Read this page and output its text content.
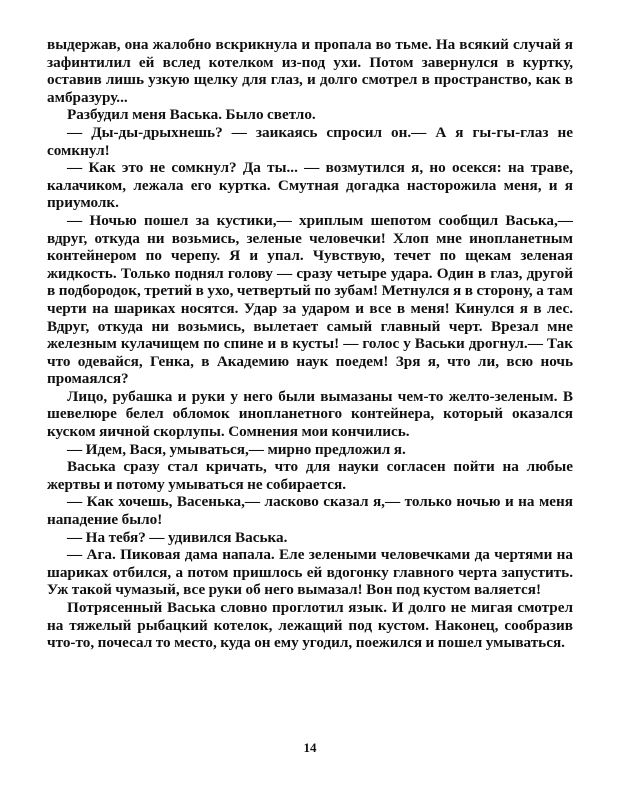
выдержав, она жалобно вскрикнула и пропала во тьме. На всякий случай я зафинтилил ей вслед котелком из-под ухи. Потом завернулся в куртку, оставив лишь узкую щелку для глаз, и долго смотрел в пространство, как в амбразуру...

Разбудил меня Васька. Было светло.

— Ды-ды-дрыхнешь? — заикаясь спросил он.— А я гы-гы-глаз не сомкнул!

— Как это не сомкнул? Да ты... — возмутился я, но осекся: на траве, калачиком, лежала его куртка. Смутная догадка насторожила меня, и я приумолк.

— Ночью пошел за кустики,— хриплым шепотом сообщил Васька,— вдруг, откуда ни возьмись, зеленые человечки! Хлоп мне инопланетным контейнером по черепу. Я и упал. Чувствую, течет по щекам зеленая жидкость. Только поднял голову — сразу четыре удара. Один в глаз, другой в подбородок, третий в ухо, четвертый по зубам! Метнулся я в сторону, а там черти на шариках носятся. Удар за ударом и все в меня! Кинулся я в лес. Вдруг, откуда ни возьмись, вылетает самый главный черт. Врезал мне железным кулачищем по спине и в кусты! — голос у Васьки дрогнул.— Так что одевайся, Генка, в Академию наук поедем! Зря я, что ли, всю ночь промаялся?

Лицо, рубашка и руки у него были вымазаны чем-то желто-зеленым. В шевелюре белел обломок инопланетного контейнера, который оказался куском яичной скорлупы. Сомнения мои кончились.

— Идем, Вася, умываться,— мирно предложил я.

Васька сразу стал кричать, что для науки согласен пойти на любые жертвы и потому умываться не собирается.

— Как хочешь, Васенька,— ласково сказал я,— только ночью и на меня нападение было!

— На тебя? — удивился Васька.

— Ага. Пиковая дама напала. Еле зелеными человечками да чертями на шариках отбился, а потом пришлось ей вдогонку главного черта запустить. Уж такой чумазый, все руки об него вымазал! Вон под кустом валяется!

Потрясенный Васька словно проглотил язык. И долго не мигая смотрел на тяжелый рыбацкий котелок, лежащий под кустом. Наконец, сообразив что-то, почесал то место, куда он ему угодил, поежился и пошел умываться.

14
